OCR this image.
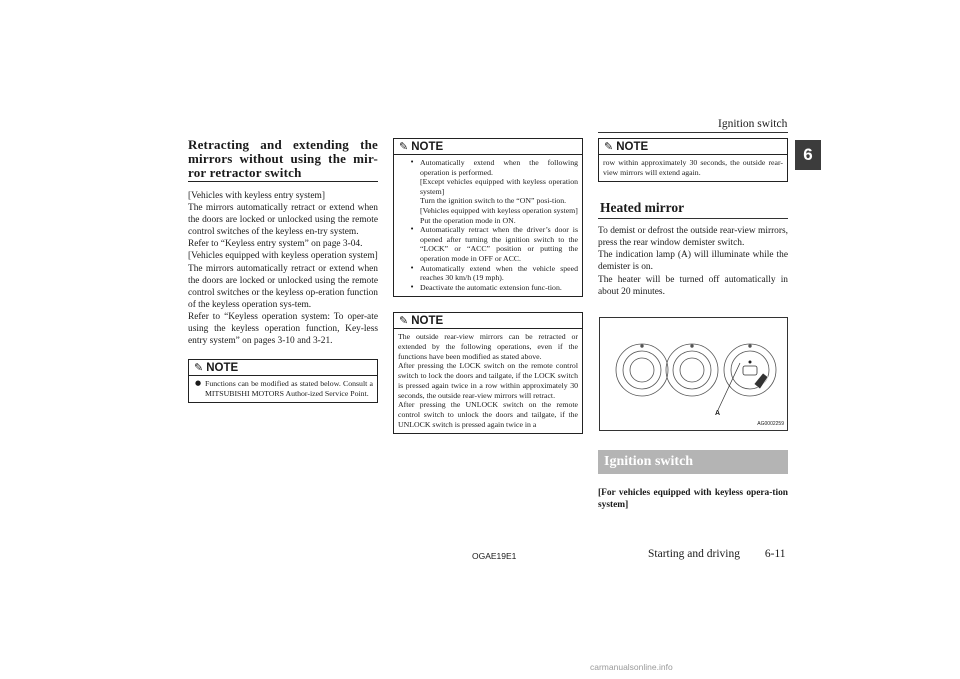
Ignition switch
6
Retracting and extending the mirrors without using the mir-ror retractor switch

[Vehicles with keyless entry system]

The mirrors automatically retract or extend when the doors are locked or unlocked using the remote control switches of the keyless en-try system.

Refer to “Keyless entry system” on page 3-04.

[Vehicles equipped with keyless operation system]

The mirrors automatically retract or extend when the doors are locked or unlocked using the remote control switches or the keyless op-eration function of the keyless operation sys-tem.

Refer to “Keyless operation system: To oper-ate using the keyless operation function, Key-less entry system” on pages 3-10 and 3-21.

✎ NOTE
● Functions can be modified as stated below. Consult a MITSUBISHI MOTORS Author-ized Service Point.
✎ NOTE
• Automatically extend when the following operation is performed.
[Except vehicles equipped with keyless operation system]
Turn the ignition switch to the “ON” posi-tion.
[Vehicles equipped with keyless operation system]
Put the operation mode in ON.
• Automatically retract when the driver’s door is opened after turning the ignition switch to the “LOCK” or “ACC” position or putting the operation mode in OFF or ACC.
• Automatically extend when the vehicle speed reaches 30 km/h (19 mph).
• Deactivate the automatic extension func-tion.
✎ NOTE
The outside rear-view mirrors can be retracted or extended by the following operations, even if the functions have been modified as stated above.
After pressing the LOCK switch on the remote control switch to lock the doors and tailgate, if the LOCK switch is pressed again twice in a row within approximately 30 seconds, the outside rear-view mirrors will retract.
After pressing the UNLOCK switch on the remote control switch to unlock the doors and tailgate, if the UNLOCK switch is pressed again twice in a
✎ NOTE
row within approximately 30 seconds, the outside rear-view mirrors will extend again.
Heated mirror

To demist or defrost the outside rear-view mirrors, press the rear window demister switch.

The indication lamp (A) will illuminate while the demister is on.

The heater will be turned off automatically in about 20 minutes.

A
AG0002259
Ignition switch

[For vehicles equipped with keyless opera-tion system]

OGAE19E1	Starting and driving 6-11
carmanualsonline.info
